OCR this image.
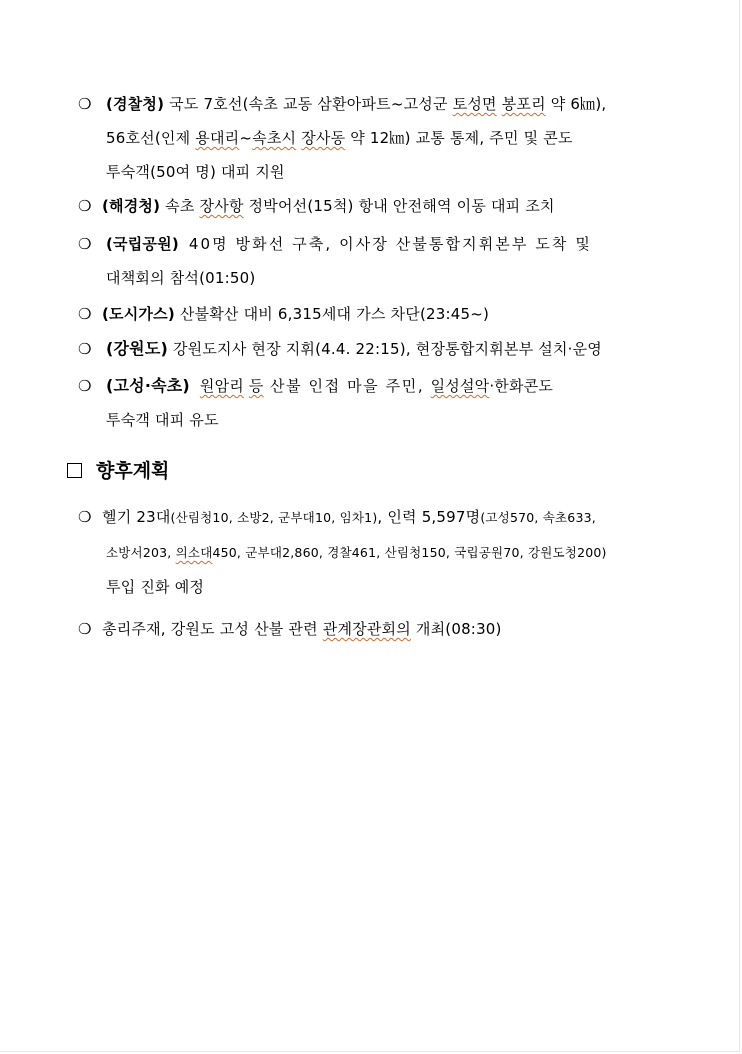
❍ (경찰청) 국도 7호선(속초 교동 삼환아파트~고성군 토성면 봉포리 약 6㎞),
56호선(인제 용대리~속초시 장사동 약 12㎞) 교통 통제, 주민 및 콘도
투숙객(50여 명) 대피 지원
❍ (해경청) 속초 장사항 정박어선(15척) 항내 안전해역 이동 대피 조치
❍ (국립공원) 40명 방화선 구축, 이사장 산불통합지휘본부 도착 및
대책회의 참석(01:50)
❍ (도시가스) 산불확산 대비 6,315세대 가스 차단(23:45~)
❍ (강원도) 강원도지사 현장 지휘(4.4. 22:15), 현장통합지휘본부 설치·운영
❍ (고성·속초) 원암리 등 산불 인접 마을 주민, 일성설악·한화콘도
투숙객 대피 유도
향후계획
❍ 헬기 23대(산림청10, 소방2, 군부대10, 임차1), 인력 5,597명(고성570, 속초633,
소방서203, 의소대450, 군부대2,860, 경찰461, 산림청150, 국립공원70, 강원도청200)
투입 진화 예정
❍ 총리주재, 강원도 고성 산불 관련 관계장관회의 개최(08:30)
